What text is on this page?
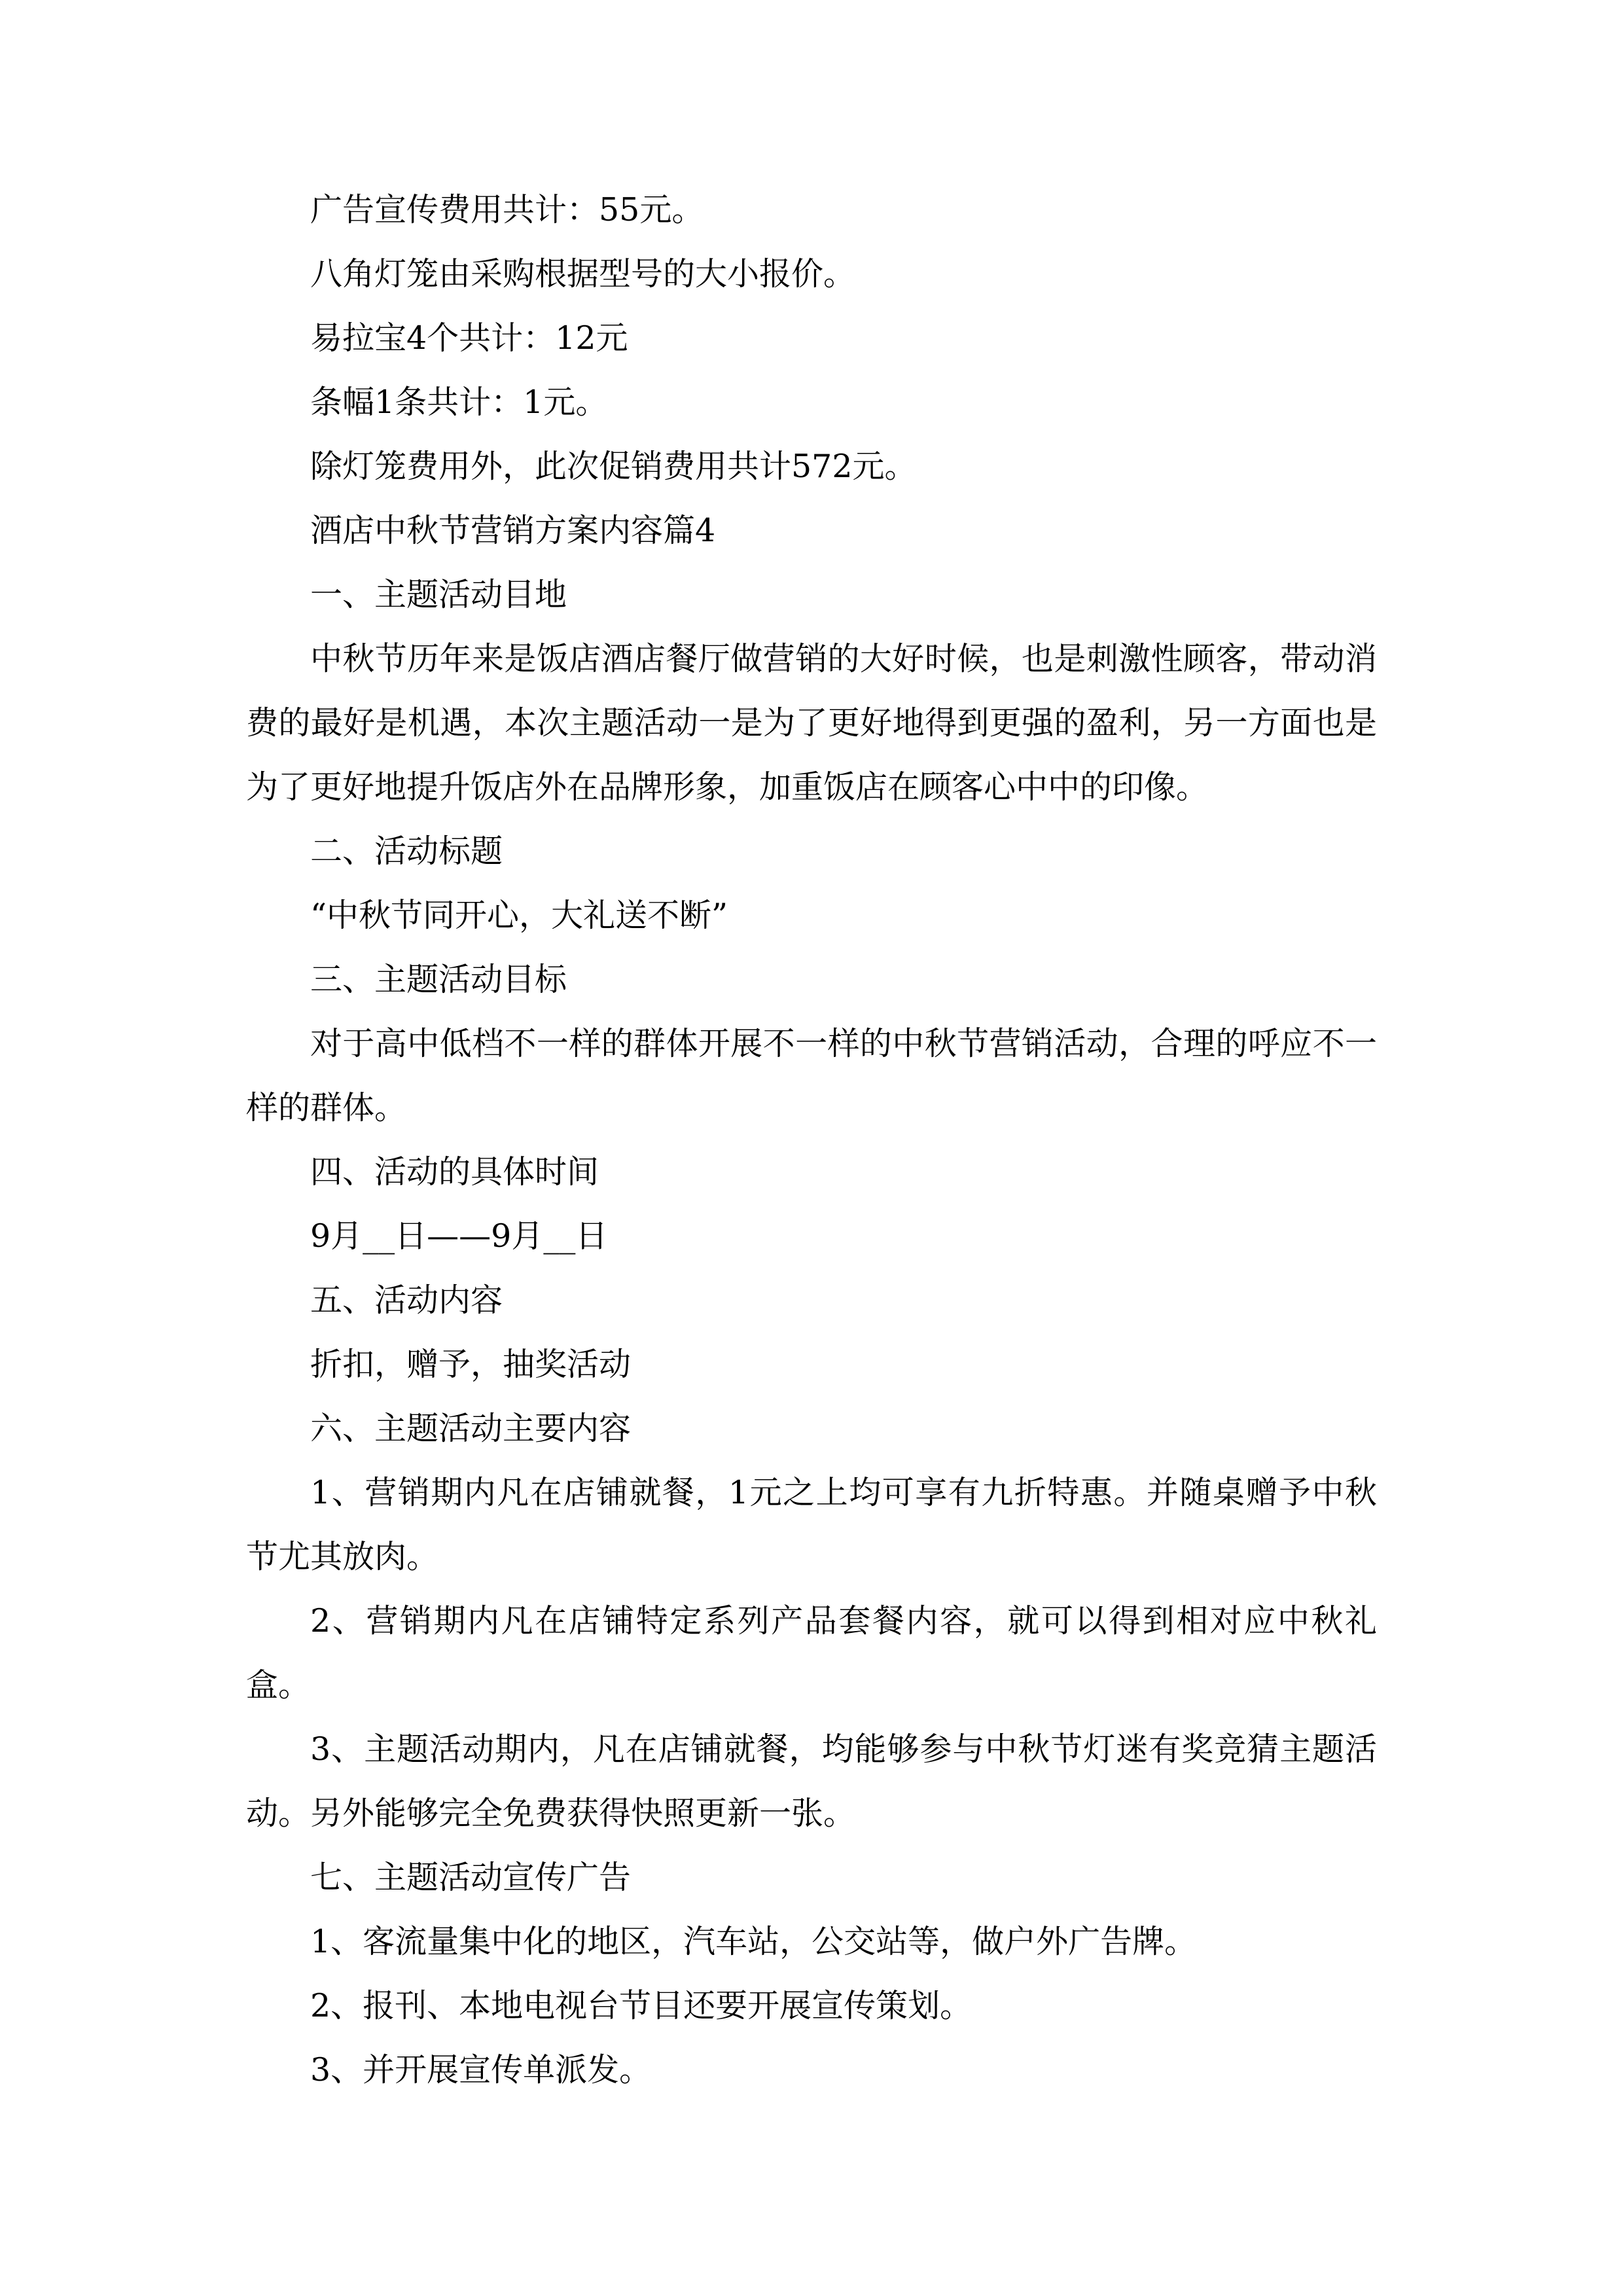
广告宣传费用共计：55元。

八角灯笼由采购根据型号的大小报价。

易拉宝4个共计：12元

条幅1条共计：1元。

除灯笼费用外，此次促销费用共计572元。

酒店中秋节营销方案内容篇4

一、主题活动目地

中秋节历年来是饭店酒店餐厅做营销的大好时候，也是刺激性顾客，带动消费的最好是机遇，本次主题活动一是为了更好地得到更强的盈利，另一方面也是为了更好地提升饭店外在品牌形象，加重饭店在顾客心中中的印像。

二、活动标题

“中秋节同开心，大礼送不断”

三、主题活动目标

对于高中低档不一样的群体开展不一样的中秋节营销活动，合理的呼应不一样的群体。

四、活动的具体时间

9月__日——9月__日

五、活动内容

折扣，赠予，抽奖活动

六、主题活动主要内容

1、营销期内凡在店铺就餐，1元之上均可享有九折特惠。并随桌赠予中秋节尤其放肉。

2、营销期内凡在店铺特定系列产品套餐内容，就可以得到相对应中秋礼盒。

3、主题活动期内，凡在店铺就餐，均能够参与中秋节灯迷有奖竞猜主题活动。另外能够完全免费获得快照更新一张。

七、主题活动宣传广告

1、客流量集中化的地区，汽车站，公交站等，做户外广告牌。

2、报刊、本地电视台节目还要开展宣传策划。

3、并开展宣传单派发。
